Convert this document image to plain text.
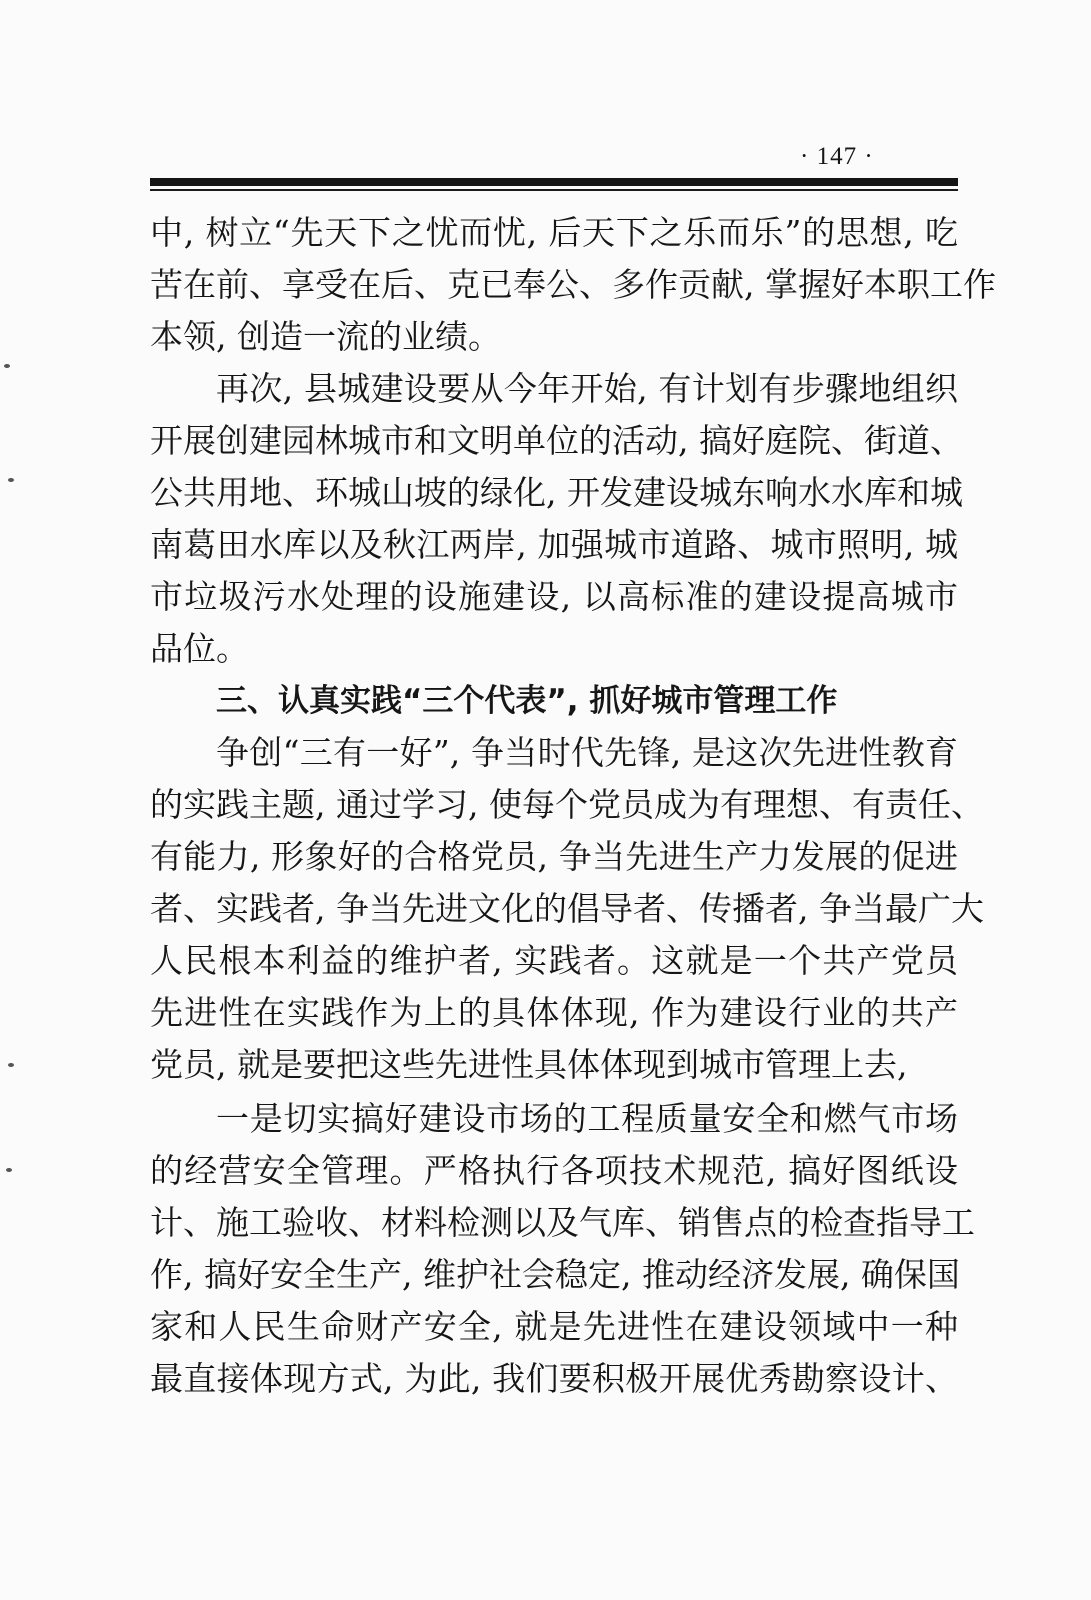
· 147 ·
中, 树立“先天下之忧而忧, 后天下之乐而乐”的思想, 吃
苦在前、享受在后、克已奉公、多作贡献, 掌握好本职工作
本领, 创造一流的业绩。
再次, 县城建设要从今年开始, 有计划有步骤地组织
开展创建园林城市和文明单位的活动, 搞好庭院、街道、
公共用地、环城山坡的绿化, 开发建设城东响水水库和城
南葛田水库以及秋江两岸, 加强城市道路、城市照明, 城
市垃圾污水处理的设施建设, 以高标准的建设提高城市
品位。
三、认真实践“三个代表”, 抓好城市管理工作
争创“三有一好”, 争当时代先锋, 是这次先进性教育
的实践主题, 通过学习, 使每个党员成为有理想、有责任、
有能力, 形象好的合格党员, 争当先进生产力发展的促进
者、实践者, 争当先进文化的倡导者、传播者, 争当最广大
人民根本利益的维护者, 实践者。这就是一个共产党员
先进性在实践作为上的具体体现, 作为建设行业的共产
党员, 就是要把这些先进性具体体现到城市管理上去,
一是切实搞好建设市场的工程质量安全和燃气市场
的经营安全管理。严格执行各项技术规范, 搞好图纸设
计、施工验收、材料检测以及气库、销售点的检查指导工
作, 搞好安全生产, 维护社会稳定, 推动经济发展, 确保国
家和人民生命财产安全, 就是先进性在建设领域中一种
最直接体现方式, 为此, 我们要积极开展优秀勘察设计、
